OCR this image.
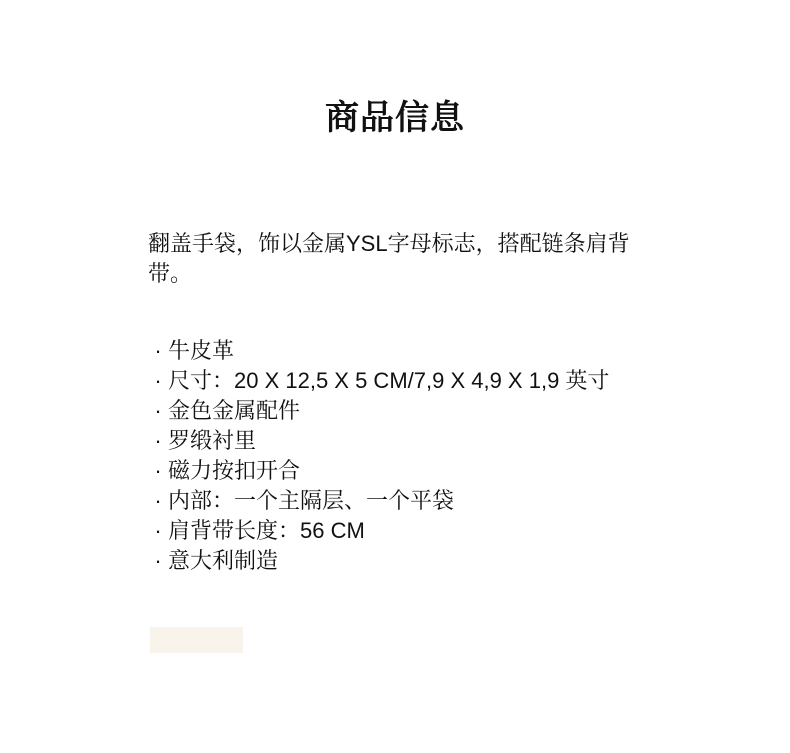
商品信息

翻盖手袋，饰以金属YSL字母标志，搭配链条肩背带。

· 牛皮革
· 尺寸：20 X 12,5 X 5 CM/7,9 X 4,9 X 1,9 英寸
· 金色金属配件
· 罗缎衬里
· 磁力按扣开合
· 内部：一个主隔层、一个平袋
· 肩背带长度：56 CM
· 意大利制造
